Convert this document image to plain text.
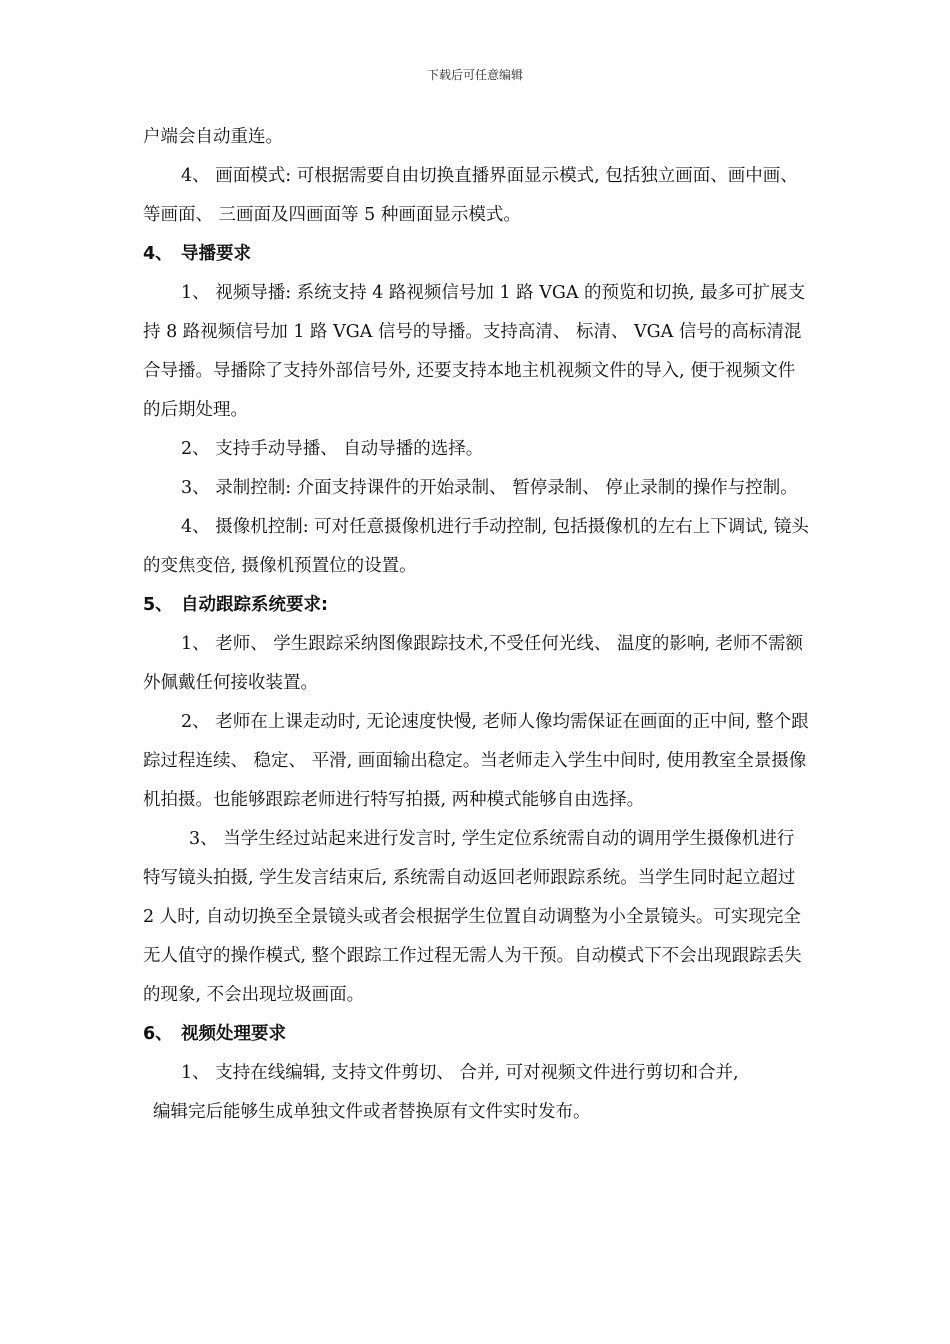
下载后可任意编辑

户端会自动重连。

4、 画面模式: 可根据需要自由切换直播界面显示模式, 包括独立画面、画中画、 等画面、 三画面及四画面等 5 种画面显示模式。

4、 导播要求

1、 视频导播: 系统支持 4 路视频信号加 1 路 VGA 的预览和切换, 最多可扩展支持 8 路视频信号加 1 路 VGA 信号的导播。支持高清、 标清、 VGA 信号的高标清混合导播。导播除了支持外部信号外, 还要支持本地主机视频文件的导入, 便于视频文件的后期处理。

2、 支持手动导播、 自动导播的选择。

3、 录制控制: 介面支持课件的开始录制、 暂停录制、 停止录制的操作与控制。

4、 摄像机控制: 可对任意摄像机进行手动控制, 包括摄像机的左右上下调试, 镜头的变焦变倍, 摄像机预置位的设置。

5、 自动跟踪系统要求:

1、 老师、 学生跟踪采纳图像跟踪技术,不受任何光线、 温度的影响, 老师不需额外佩戴任何接收装置。

2、 老师在上课走动时, 无论速度快慢, 老师人像均需保证在画面的正中间, 整个跟踪过程连续、 稳定、 平滑, 画面输出稳定。当老师走入学生中间时, 使用教室全景摄像机拍摄。也能够跟踪老师进行特写拍摄, 两种模式能够自由选择。

3、 当学生经过站起来进行发言时, 学生定位系统需自动的调用学生摄像机进行特写镜头拍摄, 学生发言结束后, 系统需自动返回老师跟踪系统。当学生同时起立超过 2 人时, 自动切换至全景镜头或者会根据学生位置自动调整为小全景镜头。可实现完全无人值守的操作模式, 整个跟踪工作过程无需人为干预。自动模式下不会出现跟踪丢失的现象, 不会出现垃圾画面。

6、 视频处理要求

1、 支持在线编辑, 支持文件剪切、 合并, 可对视频文件进行剪切和合并,

编辑完后能够生成单独文件或者替换原有文件实时发布。
